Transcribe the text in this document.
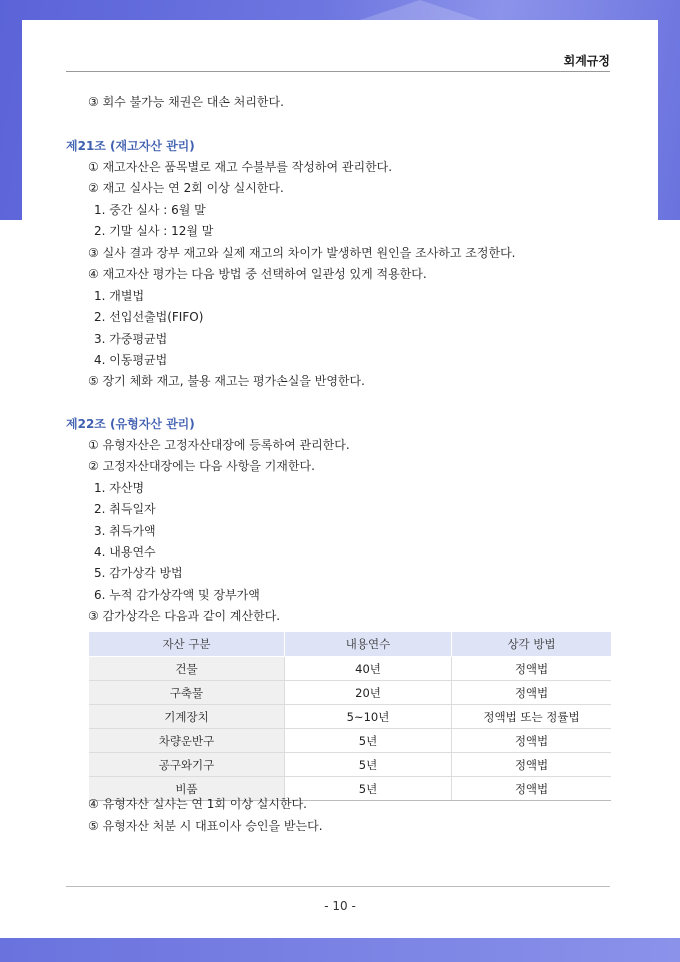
회계규정
③ 회수 불가능 채권은 대손 처리한다.
제21조 (재고자산 관리)
① 재고자산은 품목별로 재고 수불부를 작성하여 관리한다.
② 재고 실사는 연 2회 이상 실시한다.
1. 중간 실사 : 6월 말
2. 기말 실사 : 12월 말
③ 실사 결과 장부 재고와 실제 재고의 차이가 발생하면 원인을 조사하고 조정한다.
④ 재고자산 평가는 다음 방법 중 선택하여 일관성 있게 적용한다.
1. 개별법
2. 선입선출법(FIFO)
3. 가중평균법
4. 이동평균법
⑤ 장기 체화 재고, 불용 재고는 평가손실을 반영한다.
제22조 (유형자산 관리)
① 유형자산은 고정자산대장에 등록하여 관리한다.
② 고정자산대장에는 다음 사항을 기재한다.
1. 자산명
2. 취득일자
3. 취득가액
4. 내용연수
5. 감가상각 방법
6. 누적 감가상각액 및 장부가액
③ 감가상각은 다음과 같이 계산한다.
자산 구분	내용연수	상각 방법
건물	40년	정액법
구축물	20년	정액법
기계장치	5~10년	정액법 또는 정률법
차량운반구	5년	정액법
공구와기구	5년	정액법
비품	5년	정액법
④ 유형자산 실사는 연 1회 이상 실시한다.
⑤ 유형자산 처분 시 대표이사 승인을 받는다.
- 10 -
